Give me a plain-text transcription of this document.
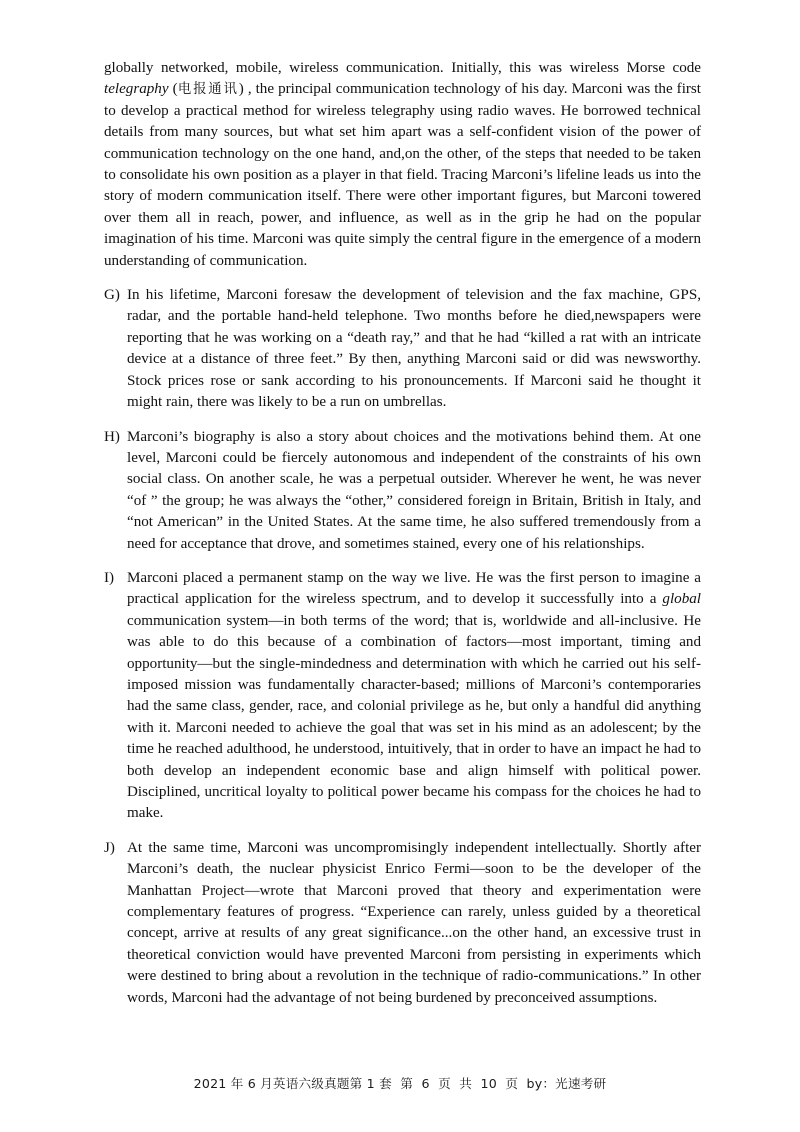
globally networked, mobile, wireless communication. Initially, this was wireless Morse code telegraphy (电报通讯) , the principal communication technology of his day. Marconi was the first to develop a practical method for wireless telegraphy using radio waves. He borrowed technical details from many sources, but what set him apart was a self-confident vision of the power of communication technology on the one hand, and,on the other, of the steps that needed to be taken to consolidate his own position as a player in that field. Tracing Marconi’s lifeline leads us into the story of modern communication itself. There were other important figures, but Marconi towered over them all in reach, power, and influence, as well as in the grip he had on the popular imagination of his time. Marconi was quite simply the central figure in the emergence of a modern understanding of communication.

G) In his lifetime, Marconi foresaw the development of television and the fax machine, GPS, radar, and the portable hand-held telephone. Two months before he died,newspapers were reporting that he was working on a “death ray,” and that he had “killed a rat with an intricate device at a distance of three feet.” By then, anything Marconi said or did was newsworthy. Stock prices rose or sank according to his pronouncements. If Marconi said he thought it might rain, there was likely to be a run on umbrellas.

H) Marconi’s biography is also a story about choices and the motivations behind them. At one level, Marconi could be fiercely autonomous and independent of the constraints of his own social class. On another scale, he was a perpetual outsider. Wherever he went, he was never “of ” the group; he was always the “other,” considered foreign in Britain, British in Italy, and “not American” in the United States. At the same time, he also suffered tremendously from a need for acceptance that drove, and sometimes stained, every one of his relationships.

I) Marconi placed a permanent stamp on the way we live. He was the first person to imagine a practical application for the wireless spectrum, and to develop it successfully into a global communication system—in both terms of the word; that is, worldwide and all-inclusive. He was able to do this because of a combination of factors—most important, timing and opportunity—but the single-mindedness and determination with which he carried out his self-imposed mission was fundamentally character-based; millions of Marconi’s contemporaries had the same class, gender, race, and colonial privilege as he, but only a handful did anything with it. Marconi needed to achieve the goal that was set in his mind as an adolescent; by the time he reached adulthood, he understood, intuitively, that in order to have an impact he had to both develop an independent economic base and align himself with political power. Disciplined, uncritical loyalty to political power became his compass for the choices he had to make.

J) At the same time, Marconi was uncompromisingly independent intellectually. Shortly after Marconi’s death, the nuclear physicist Enrico Fermi—soon to be the developer of the Manhattan Project—wrote that Marconi proved that theory and experimentation were complementary features of progress. “Experience can rarely, unless guided by a theoretical concept, arrive at results of any great significance...on the other hand, an excessive trust in theoretical conviction would have prevented Marconi from persisting in experiments which were destined to bring about a revolution in the technique of radio-communications.” In other words, Marconi had the advantage of not being burdened by preconceived assumptions.

2021 年 6 月英语六级真题第 1 套  第  6  页  共  10  页  by：光速考研
